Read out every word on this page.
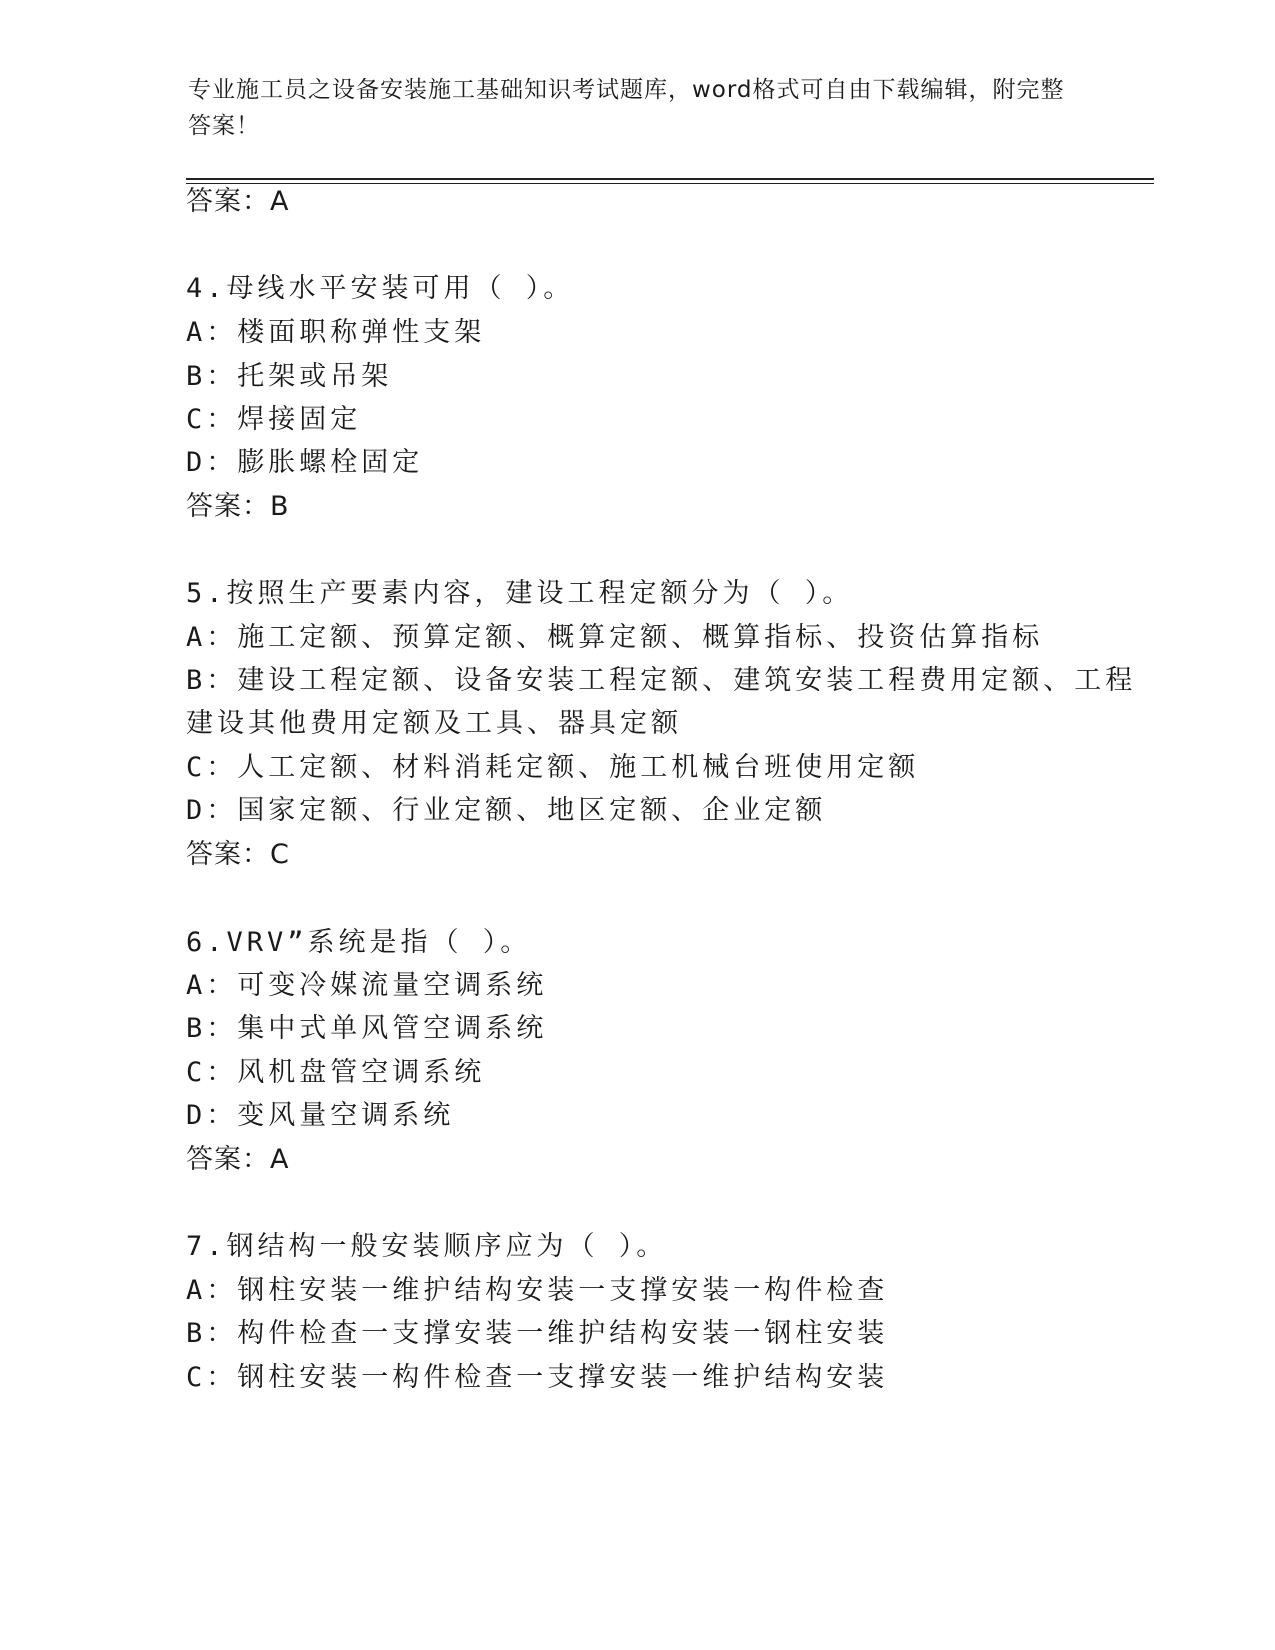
专业施工员之设备安装施工基础知识考试题库，word格式可自由下载编辑，附完整答案！
答案：A
4.母线水平安装可用（ ）。
A：楼面职称弹性支架
B：托架或吊架
C：焊接固定
D：膨胀螺栓固定
答案：B
5.按照生产要素内容，建设工程定额分为（ ）。
A：施工定额、预算定额、概算定额、概算指标、投资估算指标
B：建设工程定额、设备安装工程定额、建筑安装工程费用定额、工程
建设其他费用定额及工具、器具定额
C：人工定额、材料消耗定额、施工机械台班使用定额
D：国家定额、行业定额、地区定额、企业定额
答案：C
6.VRV”系统是指（ ）。
A：可变冷媒流量空调系统
B：集中式单风管空调系统
C：风机盘管空调系统
D：变风量空调系统
答案：A
7.钢结构一般安装顺序应为（ ）。
A：钢柱安装一维护结构安装一支撑安装一构件检查
B：构件检查一支撑安装一维护结构安装一钢柱安装
C：钢柱安装一构件检查一支撑安装一维护结构安装
